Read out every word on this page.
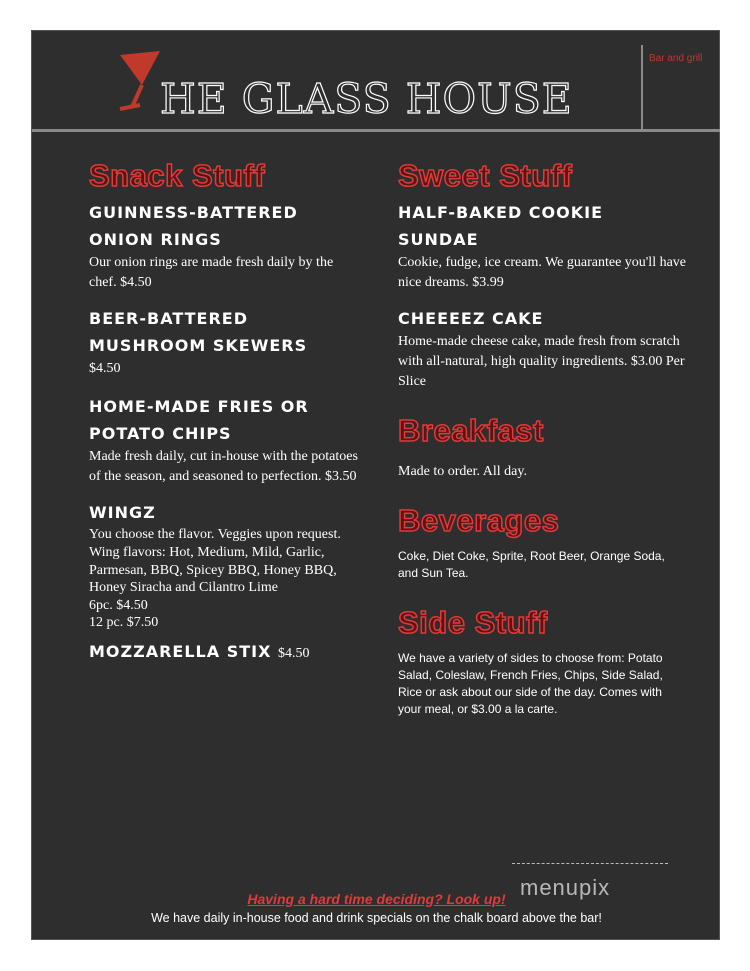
HE GLASS HOUSE
Bar and grill
Snack Stuff

GUINNESS-BATTERED

ONION RINGS

Our onion rings are made fresh daily by the chef. $4.50

BEER-BATTERED

MUSHROOM SKEWERS

$4.50

HOME-MADE FRIES OR

POTATO CHIPS

Made fresh daily, cut in-house with the potatoes of the season, and seasoned to perfection. $3.50

WINGZ

You choose the flavor. Veggies upon request.

Wing flavors: Hot, Medium, Mild, Garlic, Parmesan, BBQ, Spicey BBQ, Honey BBQ, Honey Siracha and Cilantro Lime

6pc. $4.50

12 pc. $7.50

MOZZARELLA STIX $4.50

Sweet Stuff

HALF-BAKED COOKIE

SUNDAE

Cookie, fudge, ice cream. We guarantee you'll have nice dreams. $3.99

CHEEEEZ CAKE

Home-made cheese cake, made fresh from scratch with all-natural, high quality ingredients. $3.00 Per Slice

Breakfast

Made to order. All day.

Beverages

Coke, Diet Coke, Sprite, Root Beer, Orange Soda, and Sun Tea.

Side Stuff

We have a variety of sides to choose from: Potato Salad, Coleslaw, French Fries, Chips, Side Salad, Rice or ask about our side of the day. Comes with your meal, or $3.00 a la carte.

menupix
Having a hard time deciding? Look up!
We have daily in-house food and drink specials on the chalk board above the bar!
